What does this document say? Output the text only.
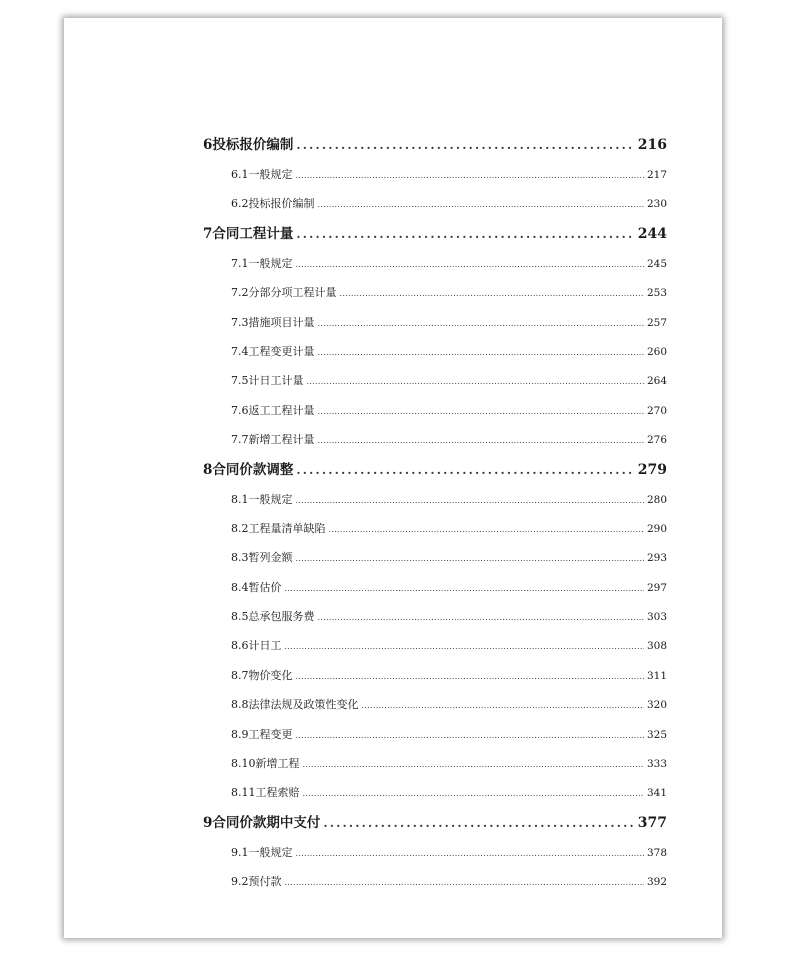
6 投标报价编制 .....	216
6.1 一般规定 .....	217
6.2 投标报价编制 .....	230
7 合同工程计量 .....	244
7.1 一般规定 .....	245
7.2 分部分项工程计量 .....	253
7.3 措施项目计量 .....	257
7.4 工程变更计量 .....	260
7.5 计日工计量 .....	264
7.6 返工工程计量 .....	270
7.7 新增工程计量 .....	276
8 合同价款调整 .....	279
8.1 一般规定 .....	280
8.2 工程量清单缺陷 .....	290
8.3 暂列金额 .....	293
8.4 暂估价 .....	297
8.5 总承包服务费 .....	303
8.6 计日工 .....	308
8.7 物价变化 .....	311
8.8 法律法规及政策性变化 .....	320
8.9 工程变更 .....	325
8.10 新增工程 .....	333
8.11 工程索赔 .....	341
9 合同价款期中支付 .....	377
9.1 一般规定 .....	378
9.2 预付款 .....	392
